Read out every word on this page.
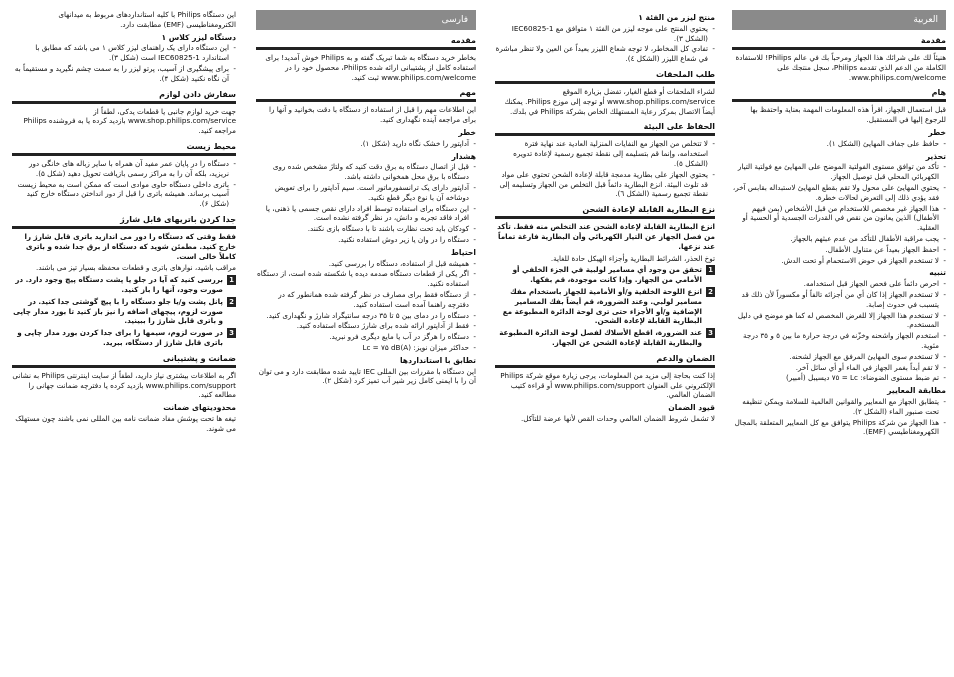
العربية
مقدمة

هنيئاً لك على شرائك هذا الجهاز ومرحباً بك في عالم Philips! للاستفادة الكاملة من الدعم الذي تقدمه Philips، سجل منتجك على www.philips.com/welcome.

هام

قبل استعمال الجهاز، اقرأ هذه المعلومات المهمة بعناية واحتفظ بها للرجوع إليها في المستقبل.

خطر
- حافظ على جفاف المهايئ (الشكل ١).
تحذير
- تأكد من توافق مستوى الفولتية الموضح على المهايئ مع فولتية التيار الكهربائي المحلي قبل توصيل الجهاز.
- يحتوي المهايئ على محول ولا تقم بقطع المهايئ لاستبداله بقابس آخر، فقد يؤدي ذلك إلى التعرض لحالات خطرة.
- هذا الجهاز غير مخصص للاستخدام من قبل الأشخاص (بمن فيهم الأطفال) الذين يعانون من نقص في القدرات الجسدية أو الحسية أو العقلية.
- يجب مراقبة الأطفال للتأكد من عدم عبثهم بالجهاز.
- احفظ الجهاز بعيداً عن متناول الأطفال.
- لا تستخدم الجهاز في حوض الاستحمام أو تحت الدش.
تنبيه
- احرص دائماً على فحص الجهاز قبل استخدامه.
- لا تستخدم الجهاز إذا كان أي من أجزائه تالفاً أو مكسوراً لأن ذلك قد يتسبب في حدوث إصابة.
- لا تستخدم هذا الجهاز إلا للغرض المخصص له كما هو موضح في دليل المستخدم.
- استخدم الجهاز واشحنه وخزّنه في درجة حرارة ما بين ٥ و ٣٥ درجة مئوية.
- لا تستخدم سوى المهايئ المرفق مع الجهاز لشحنه.
- لا تقم أبداً بغمر الجهاز في الماء أو أي سائل آخر.
- تم ضبط مستوى الضوضاء: Lc = ٧٥ ديسيبل (أمبير)
مطابقة المعايير
- يتطابق الجهاز مع المعايير والقوانين العالمية للسلامة ويمكن تنظيفه تحت صنبور الماء (الشكل ٢).
- هذا الجهاز من شركة Philips يتوافق مع كل المعايير المتعلقة بالمجال الكهرومغناطيسي (EMF).
منتج ليزر من الفئة ١
- يحتوي المنتج على موجه ليزر من الفئة ١ متوافق مع IEC60825-1 (الشكل ٣).
- تفادي كل المخاطر، لا توجه شعاع الليزر بعيداً عن العين ولا تنظر مباشرة في شعاع الليزر (الشكل ٤).
طلب الملحقات

لشراء الملحقات أو قطع الغيار، تفضل بزيارة الموقع www.shop.philips.com/service أو توجه إلى موزع Philips. يمكنك أيضاً الاتصال بمركز رعاية المستهلك الخاص بشركة Philips في بلدك.

الحفاظ على البيئة
- لا تتخلص من الجهاز مع النفايات المنزلية العادية عند نهاية فترة استخدامه، وإنما قم بتسليمه إلى نقطة تجميع رسمية لإعادة تدويره (الشكل ٥).
- يحتوي الجهاز على بطارية مدمجة قابلة لإعادة الشحن تحتوي على مواد قد تلوث البيئة. انزع البطارية دائماً قبل التخلص من الجهاز وتسليمه إلى نقطة تجميع رسمية (الشكل ٦).
نزع البطارية القابلة لإعادة الشحن

انزع البطارية القابلة لإعادة الشحن عند التخلص منه فقط. تأكد من فصل الجهاز عن التيار الكهربائي وأن البطارية فارغة تماماً عند نزعها.

توخ الحذر، الشرائط البطارية وأجزاء الهيكل حادة للغاية.

1
تحقق من وجود أي مسامير لولبية في الجزء الخلفي أو الأمامي من الجهاز. وإذا كانت موجودة، قم بفكها.
2
انزع اللوحة الخلفية و/أو الأمامية للجهاز باستخدام مفك مسامير لولبي. وعند الضرورة، قم أيضاً بفك المسامير الإضافية و/أو الأجزاء حتى ترى لوحة الدائرة المطبوعة مع البطارية القابلة لإعادة الشحن.
3
عند الضرورة، اقطع الأسلاك لفصل لوحة الدائرة المطبوعة والبطارية القابلة لإعادة الشحن عن الجهاز.
الضمان والدعم

إذا كنت بحاجة إلى مزيد من المعلومات، يرجى زيارة موقع شركة Philips الإلكتروني على العنوان www.philips.com/support أو قراءة كتيب الضمان العالمي.

قيود الضمان

لا تشمل شروط الضمان العالمي وحدات القص لأنها عرضة للتآكل.

فارسی
مقدمه

بخاطر خرید دستگاه به شما تبریک گفته و به Philips خوش آمدید! برای استفاده کامل از پشتیبانی ارائه شده Philips، محصول خود را در www.philips.com/welcome ثبت کنید.

مهم

این اطلاعات مهم را قبل از استفاده از دستگاه با دقت بخوانید و آنها را برای مراجعه آینده نگهداری کنید.

خطر
- آداپتور را خشک نگاه دارید (شکل ۱).
هشدار
- قبل از اتصال دستگاه به برق دقت کنید که ولتاژ مشخص شده روی دستگاه با برق محل همخوانی داشته باشد.
- آداپتور دارای یک ترانسفورماتور است. سیم آداپتور را برای تعویض دوشاخه آن با نوع دیگر قطع نکنید.
- این دستگاه برای استفاده توسط افراد دارای نقص جسمی یا ذهنی، یا افراد فاقد تجربه و دانش، در نظر گرفته نشده است.
- کودکان باید تحت نظارت باشند تا با دستگاه بازی نکنند.
- دستگاه را در وان یا زیر دوش استفاده نکنید.
احتیاط
- همیشه قبل از استفاده، دستگاه را بررسی کنید.
- اگر یکی از قطعات دستگاه صدمه دیده یا شکسته شده است، از دستگاه استفاده نکنید.
- از دستگاه فقط برای مصارف در نظر گرفته شده همانطور که در دفترچه راهنما آمده است استفاده کنید.
- دستگاه را در دمای بین ۵ تا ۳۵ درجه سانتیگراد شارژ و نگهداری کنید.
- فقط از آداپتور ارائه شده برای شارژ دستگاه استفاده کنید.
- دستگاه را هرگز در آب یا مایع دیگری فرو نبرید.
- حداکثر میزان نویز: Lc = ۷۵ dB(A)
تطابق با استانداردها

این دستگاه با مقررات بین المللی IEC تایید شده مطابقت دارد و می توان آن را با ایمنی کامل زیر شیر آب تمیز کرد (شکل ۲).

این دستگاه Philips با کلیه استانداردهای مربوط به میدانهای الکترومغناطیسی (EMF) مطابقت دارد.

دستگاه لیزر کلاس ۱
- این دستگاه دارای یک راهنمای لیزر کلاس ۱ می باشد که مطابق با استاندارد IEC60825-1 است (شکل ۳).
- برای پیشگیری از آسیب، پرتو لیزر را به سمت چشم نگیرید و مستقیماً به آن نگاه نکنید (شکل ۴).
سفارش دادن لوازم

جهت خرید لوازم جانبی یا قطعات یدکی، لطفاً از www.shop.philips.com/service بازدید کرده یا به فروشنده Philips مراجعه کنید.

محیط زیست
- دستگاه را در پایان عمر مفید آن همراه با سایر زباله های خانگی دور نریزید، بلکه آن را به مراکز رسمی بازیافت تحویل دهید (شکل ۵).
- باتری داخلی دستگاه حاوی موادی است که ممکن است به محیط زیست آسیب برساند. همیشه باتری را قبل از دور انداختن دستگاه خارج کنید (شکل ۶).
جدا کردن باتریهای قابل شارژ

فقط وقتی که دستگاه را دور می اندازید باتری قابل شارژ را خارج کنید. مطمئن شوید که دستگاه از برق جدا شده و باتری کاملاً خالی است.

مراقب باشید، نوارهای باتری و قطعات محفظه بسیار تیز می باشند.

1
بررسی کنید که آیا در جلو یا پشت دستگاه پیچ وجود دارد. در صورت وجود، آنها را باز کنید.
2
پانل پشت و/یا جلو دستگاه را با پیچ گوشتی جدا کنید. در صورت لزوم، پیچهای اضافه را نیز باز کنید تا بورد مدار چاپی و باتری قابل شارژ را ببینید.
3
در صورت لزوم، سیمها را برای جدا کردن بورد مدار چاپی و باتری قابل شارژ از دستگاه، ببرید.
ضمانت و پشتیبانی

اگر به اطلاعات بیشتری نیاز دارید، لطفاً از سایت اینترنتی Philips به نشانی www.philips.com/support بازدید کرده یا دفترچه ضمانت جهانی را مطالعه کنید.

محدودیتهای ضمانت

تیغه ها تحت پوشش مفاد ضمانت نامه بین المللی نمی باشند چون مستهلک می شوند.
